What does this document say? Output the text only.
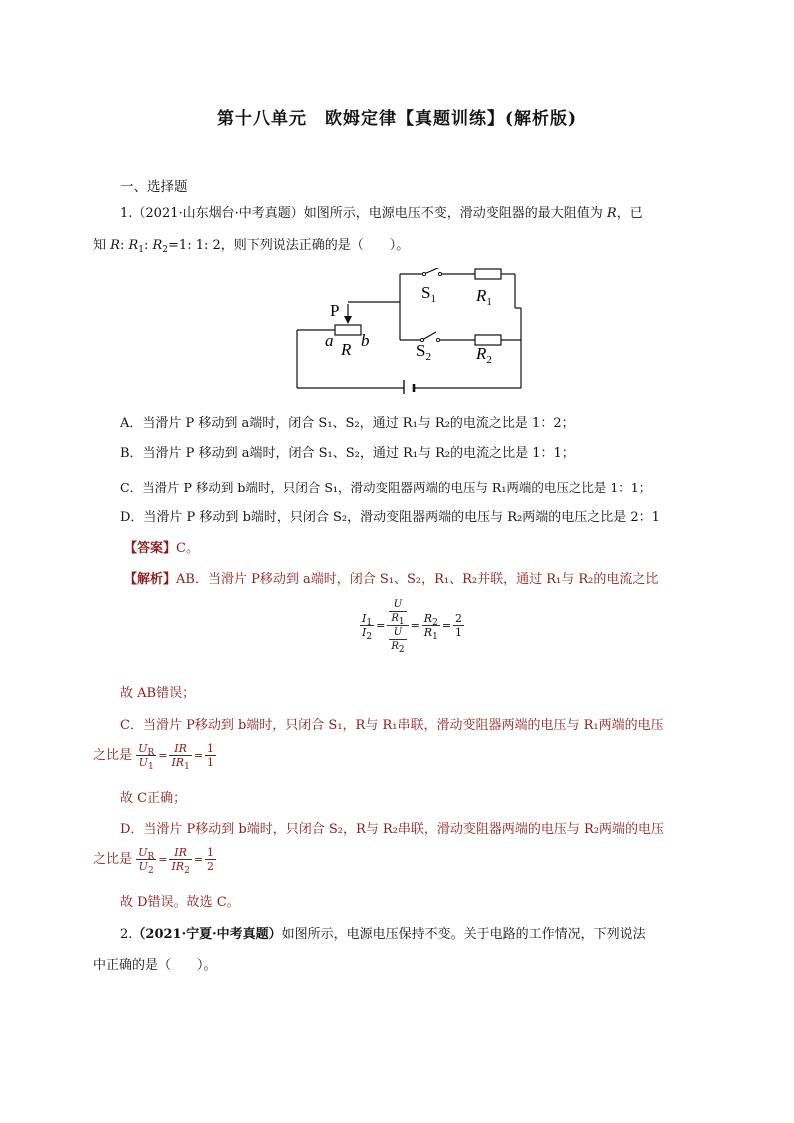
第十八单元　欧姆定律【真题训练】(解析版)
一、选择题
1.（2021·山东烟台·中考真题）如图所示，电源电压不变，滑动变阻器的最大阻值为 R，已
知 R: $R_1$: $R_2=1$: 1: 2，则下列说法正确的是（　　）。
P
a R b
$S_1$ $R_1$
$S_2$	$R_2$
A．当滑片 P 移动到 a端时，闭合 S₁、S₂，通过 R₁与 R₂的电流之比是 1：2；
B．当滑片 P 移动到 a端时，闭合 S₁、S₂，通过 R₁与 R₂的电流之比是 1：1；
C．当滑片 P 移动到 b端时，只闭合 S₁，滑动变阻器两端的电压与 R₁两端的电压之比是 1：1；
D．当滑片 P 移动到 b端时，只闭合 S₂，滑动变阻器两端的电压与 R₂两端的电压之比是 2：1
【答案】C。
【解析】AB．当滑片 P移动到 a端时，闭合 S₁、S₂，R₁、R₂并联，通过 R₁与 R₂的电流之比
$\frac{I_1}{I_2} = \frac{\frac{U}{R_1}}{\frac{U}{R_2}} = \frac{R_2}{R_1} = \frac{2}{1}$
故 AB错误；
C．当滑片 P移动到 b端时，只闭合 S₁，R与 R₁串联，滑动变阻器两端的电压与 R₁两端的电压
之比是 $\frac{U_R}{U_1} = \frac{IR}{IR_1} = \frac{1}{1}$
故 C正确；
D．当滑片 P移动到 b端时，只闭合 S₂，R与 R₂串联，滑动变阻器两端的电压与 R₂两端的电压
之比是 $\frac{U_R}{U_2} = \frac{IR}{IR_2} = \frac{1}{2}$
故 D错误。故选 C。
2.（2021·宁夏·中考真题）如图所示，电源电压保持不变。关于电路的工作情况，下列说法
中正确的是（　　）。
